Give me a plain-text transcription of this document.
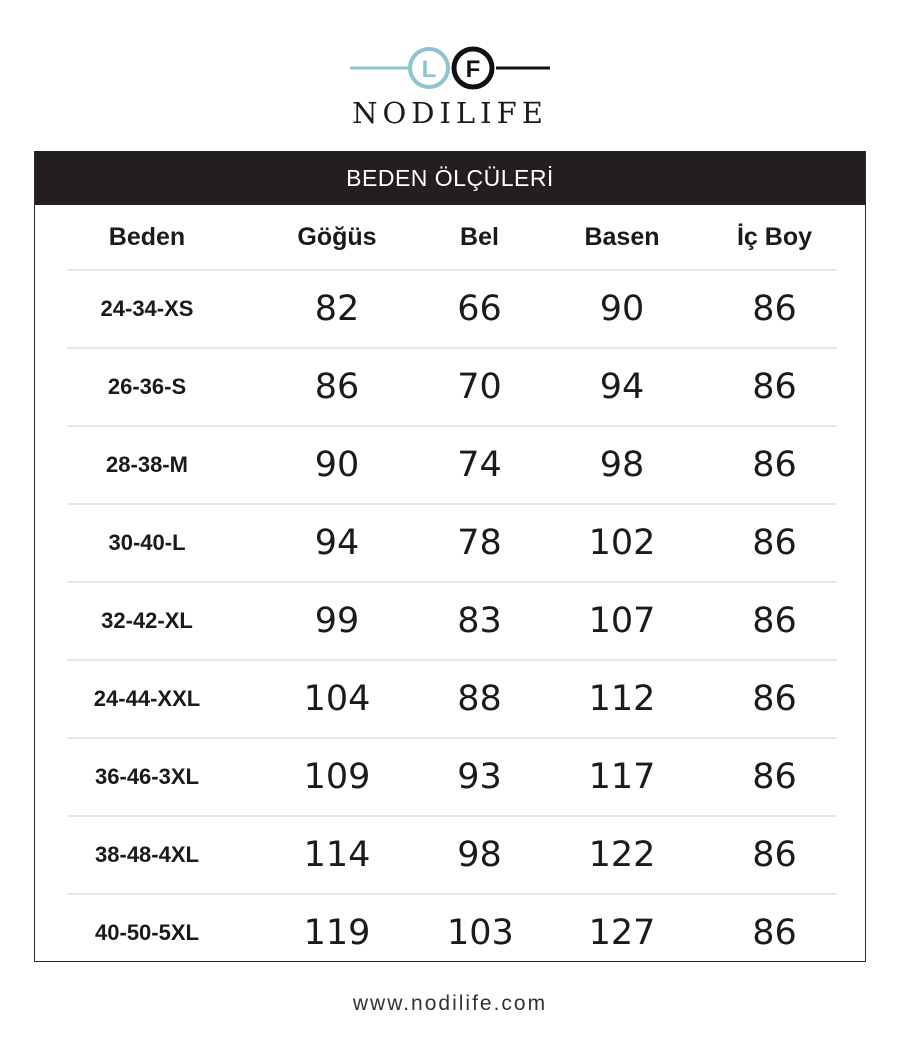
L F
NODILIFE
BEDEN ÖLÇÜLERİ
Beden	Göğüs	Bel	Basen	İç Boy
24-34-XS	82	66	90	86
26-36-S	86	70	94	86
28-38-M	90	74	98	86
30-40-L	94	78	102	86
32-42-XL	99	83	107	86
24-44-XXL	104	88	112	86
36-46-3XL	109	93	117	86
38-48-4XL	114	98	122	86
40-50-5XL	119	103	127	86
www.nodilife.com
